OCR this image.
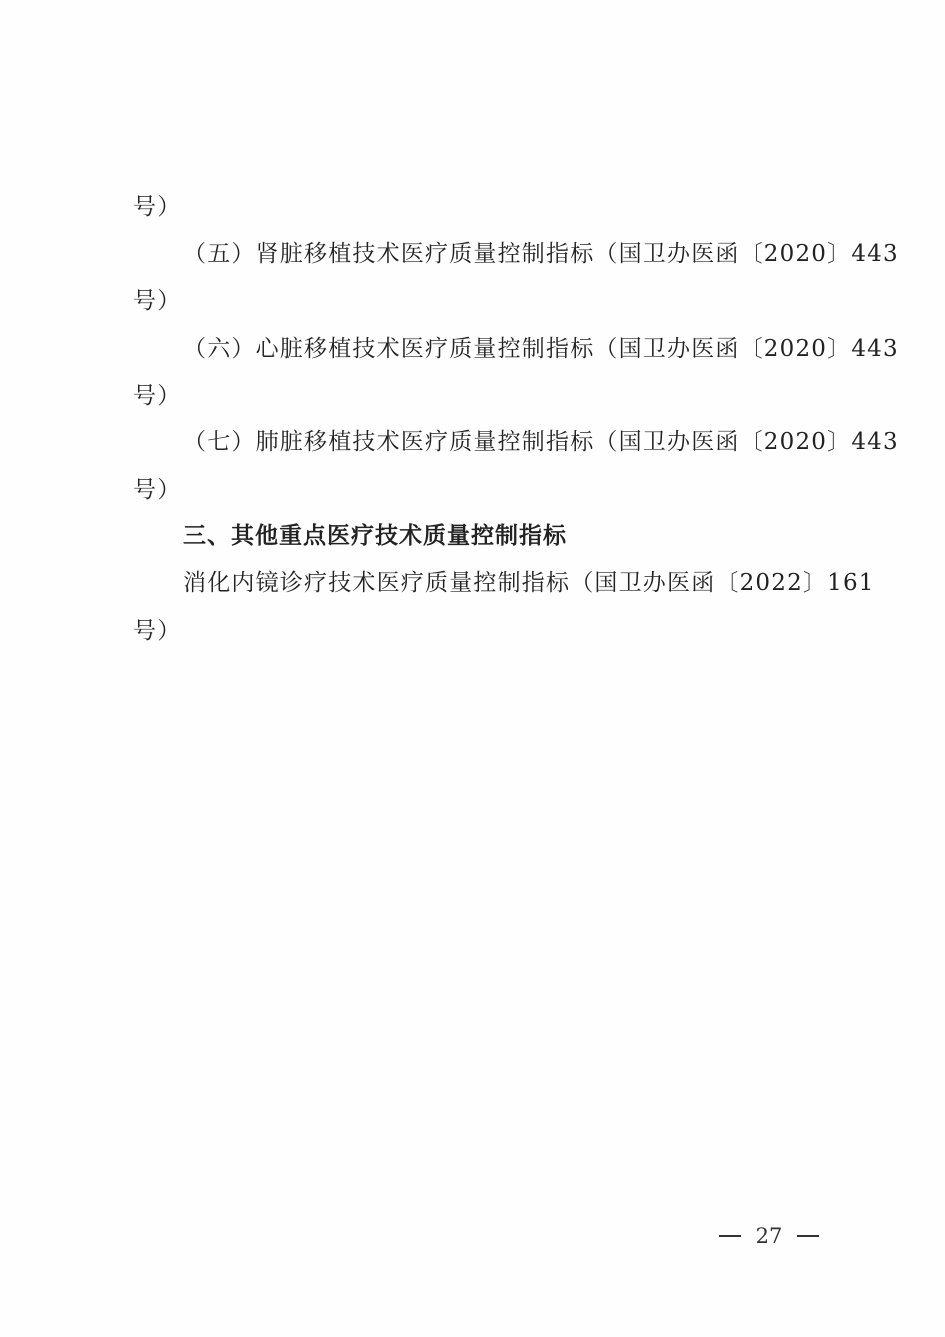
号）
（五）肾脏移植技术医疗质量控制指标（国卫办医函〔2020〕443
号）
（六）心脏移植技术医疗质量控制指标（国卫办医函〔2020〕443
号）
（七）肺脏移植技术医疗质量控制指标（国卫办医函〔2020〕443
号）
三、其他重点医疗技术质量控制指标
消化内镜诊疗技术医疗质量控制指标（国卫办医函〔2022〕161
号）
27
